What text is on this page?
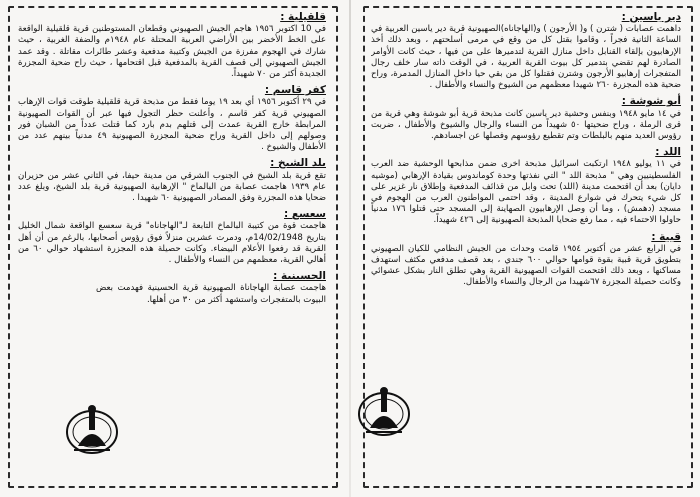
قلقيلية :
في 10 اكتوبر ١٩٥٦ هاجم الجيش الصهيوني وقطعان المستوطنين قرية قلقيلية الواقعة على الخط الأخضر بين الأراضي العربية المحتلة عام ١٩٤٨م والضفة الغربية ، حيث شارك في الهجوم مفرزة من الجيش وكتيبة مدفعية وعشر طائرات مقاتلة . وقد عمد الجيش الصهيوني إلى قصف القرية بالمدفعية قبل اقتحامها ، حيث راح ضحية المجزرة الجديدة أكثر من ٧٠ شهيداً.
كفر قاسم :
في ٢٩ أكتوبر ١٩٥٦ أي بعد ١٩ يوما فقط من مذبحة قرية قلقيلية طوقت قوات الإرهاب الصهيوني قرية كفر قاسم ، وأعلنت حظر التجول فيها عبر أن القوات الصهيونية المرابطة خارج القرية عمدت إلى قتلهم بدم بارد كما قتلت عدداً من الشبان فور وصولهم إلى داخل القرية وراح ضحية المجزرة الصهيونية ٤٩ مدنياً بينهم عدد من الأطفال والشيوخ .
بلد الشيخ :
تقع قرية بلد الشيخ في الجنوب الشرقي من مدينة حيفا، في الثاني عشر من حزيران عام ١٩٣٩ هاجمت عصابة من البالماخ " الإرهابية الصهيونية قرية بلد الشيخ، وبلغ عدد ضحايا هذه المجزرة وفق المصادر الصهيونية ٦٠ شهيدا .
سعسع :
هاجمت قوة من كتيبة البالماخ التابعة لـ"الهاجاناه" قرية سعسع الواقعة شمال الخليل بتاريخ 14/02/1948م، ودمرت عشرين منزلاً فوق رؤوس أصحابها، بالرغم من أن أهل القرية قد رفعوا الأعلام البيضاء. وكانت حصيلة هذه المجزرة استشهاد حوالي ٦٠ من أهالي القرية، معظمهم من النساء والأطفال .
الحسينية :
هاجمت عصابة الهاجاناة الصهيونية قرية الحسينية فهدمت بعض البيوت بالمتفجرات واستشهد أكثر من ٣٠ من أهلها.
دير ياسين :
داهمت عصابات ( شترن ) و( الأرجون ) و(الهاجاناه)الصهيونية قرية دير ياسين العربية في الساعة الثانية فجراً ، وقاموا بقتل كل من وقع في مرمى أسلحتهم ، وبعد ذلك أخذ الإرهابيون بإلقاء القنابل داخل منازل القرية لتدميرها على من فيها ، حيث كانت الأوامر الصادرة لهم تقضي بتدمير كل بيوت القرية العربية ، في الوقت ذاته سار خلف رجال المتفجرات إرهابيو الأرجون وشترن فقتلوا كل من بقي حيا داخل المنازل المدمرة، وراح ضحية هذه المجزرة ٢٦٠ شهيدا معظمهم من الشيوخ والنساء والأطفال .
أبو شوشة :
في ١٤ مايو ١٩٤٨ وبنفس وحشية دير ياسين كانت مذبحة قرية أبو شوشة وهي قرية من قرى الرملة ، وراح ضحيتها ٥٠ شهيداً من النساء والرجال والشيوخ والأطفال ، ضربت رؤوس العديد منهم بالبلطات وتم تقطيع رؤوسهم وفصلها عن اجسادهم.
اللد :
في ١١ يوليو ١٩٤٨ ارتكبت اسرائيل مذبحة اخرى ضمن مذابحها الوحشية ضد العرب الفلسطينيين وهي " مذبحة اللد " التي نفذتها وحدة كوماندوس بقيادة الإرهابي (موشيه دايان) بعد أن اقتحمت مدينة (اللد) تحت وابل من قذائف المدفعية وإطلاق نار غزير على كل شيء يتحرك في شوارع المدينة ، وقد احتمى المواطنون العرب من الهجوم في مسجد (دهمش) ، وما أن وصل الإرهابيون الصهاينة إلى المسجد حتى قتلوا ١٧٦ مدنياً حاولوا الاحتماء فيه ، مما رفع ضحايا المذبحة الصهيونية إلى ٤٢٦ شهيداً.
قبية :
في الرابع عشر من أكتوبر ١٩٥٤ قامت وحدات من الجيش النظامي للكيان الصهيوني بتطويق قرية قبية بقوة قوامها حوالي ٦٠٠ جندي ، بعد قصف مدفعي مكثف استهدف مساكنها ، وبعد ذلك اقتحمت القوات الصهيونية القرية وهي تطلق النار بشكل عشوائي وكانت حصيلة المجزرة ٦٧شهيدا من الرجال والنساء والأطفال.
